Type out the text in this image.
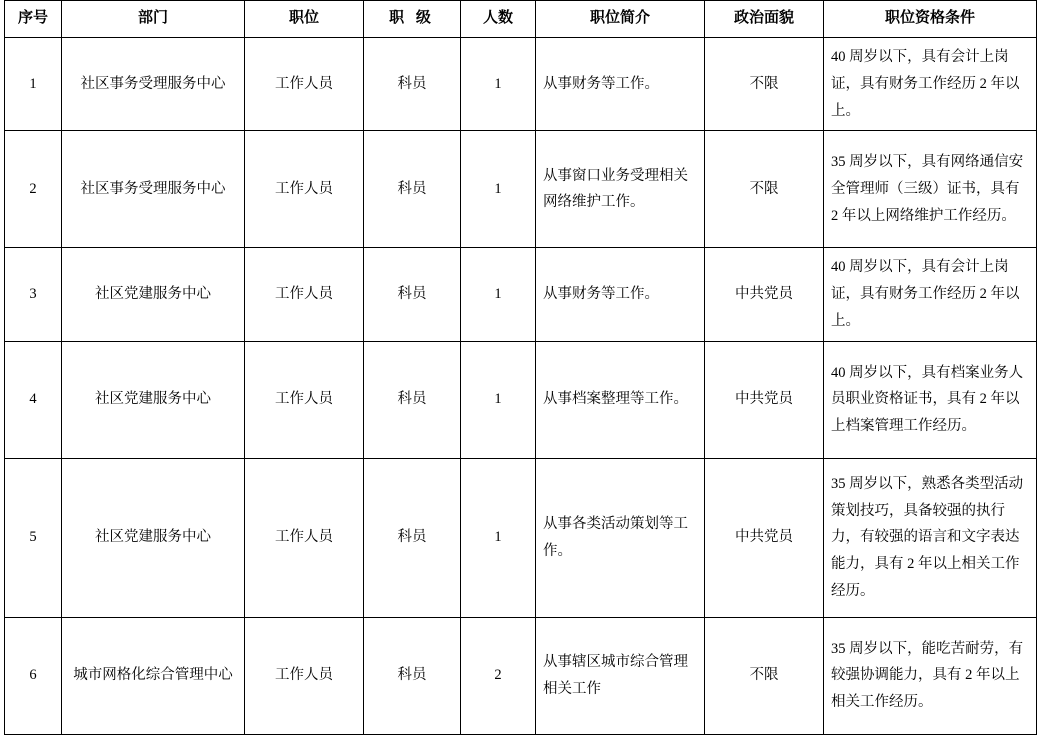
序号	部门	职位	职 级	人数	职位简介	政治面貌	职位资格条件
1	社区事务受理服务中心	工作人员	科员	1	从事财务等工作。	不限	40 周岁以下，具有会计上岗证，具有财务工作经历 2 年以上。
2	社区事务受理服务中心	工作人员	科员	1	从事窗口业务受理相关网络维护工作。	不限	35 周岁以下，具有网络通信安全管理师（三级）证书，具有 2 年以上网络维护工作经历。
3	社区党建服务中心	工作人员	科员	1	从事财务等工作。	中共党员	40 周岁以下，具有会计上岗证，具有财务工作经历 2 年以上。
4	社区党建服务中心	工作人员	科员	1	从事档案整理等工作。	中共党员	40 周岁以下，具有档案业务人员职业资格证书，具有 2 年以上档案管理工作经历。
5	社区党建服务中心	工作人员	科员	1	从事各类活动策划等工作。	中共党员	35 周岁以下，熟悉各类型活动策划技巧，具备较强的执行力，有较强的语言和文字表达能力，具有 2 年以上相关工作经历。
6	城市网格化综合管理中心	工作人员	科员	2	从事辖区城市综合管理相关工作	不限	35 周岁以下，能吃苦耐劳，有较强协调能力，具有 2 年以上相关工作经历。
